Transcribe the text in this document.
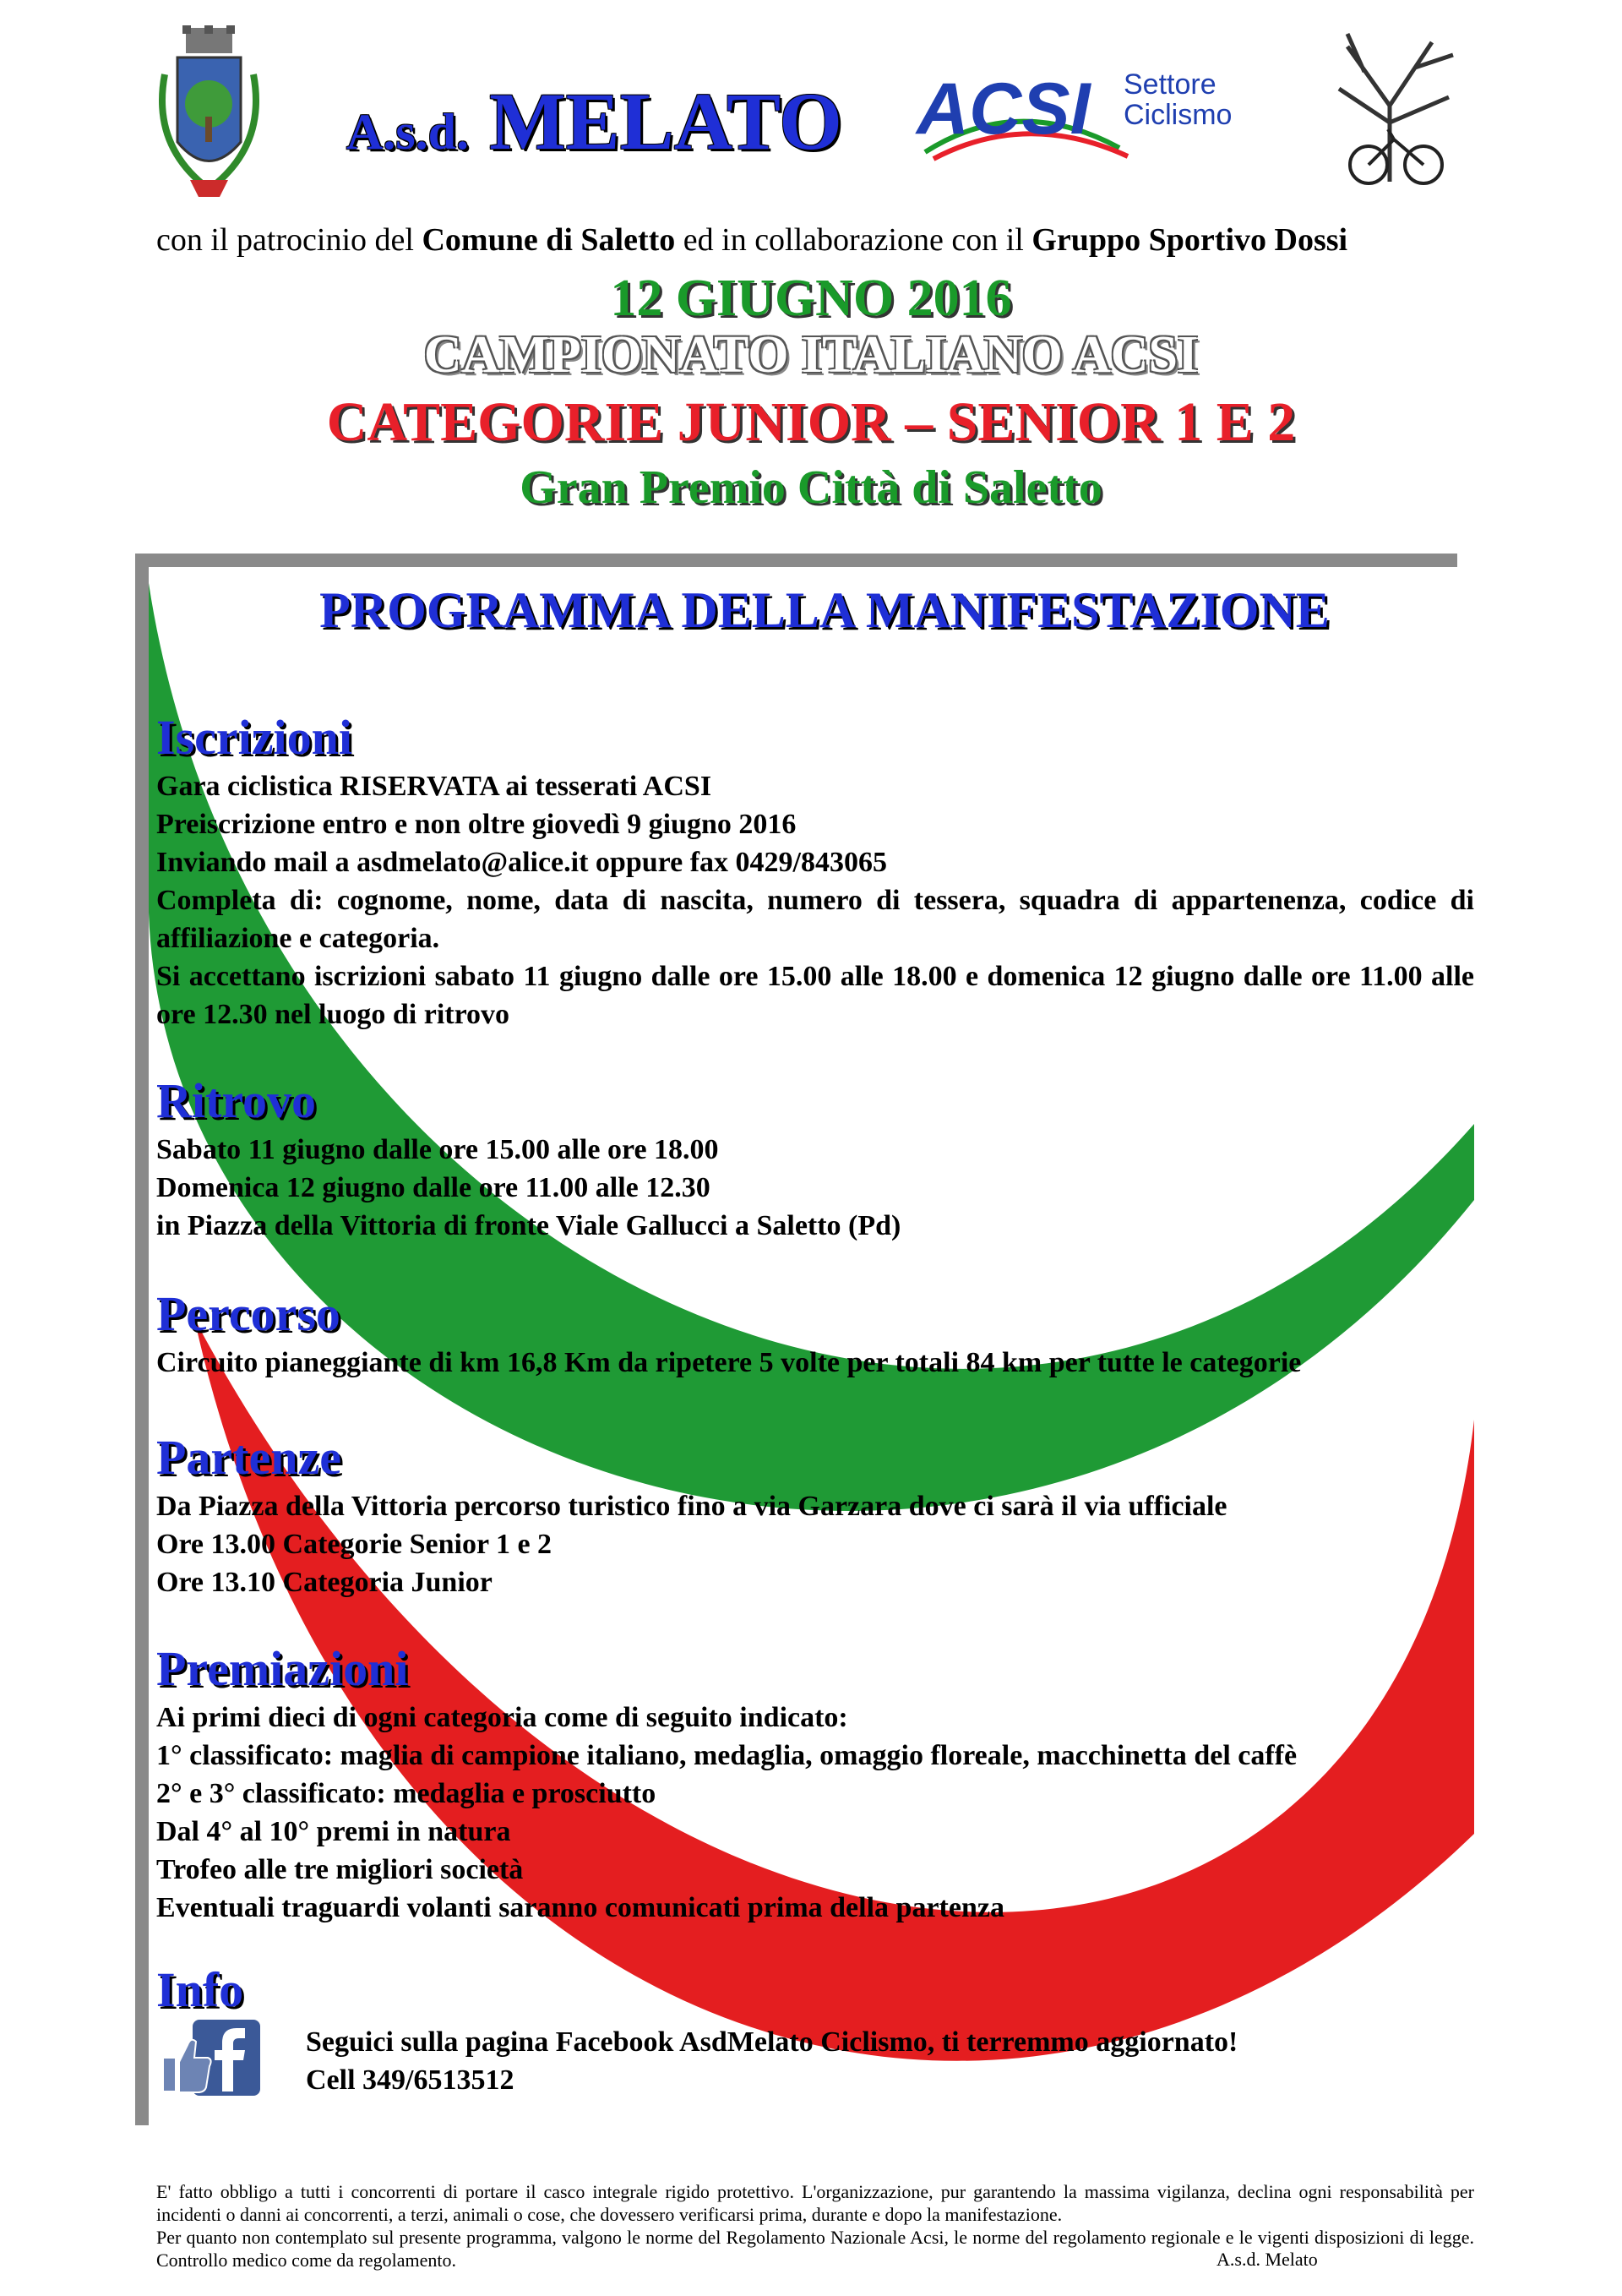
A.s.d. MELATO ACSI Settore
Ciclismo
con il patrocinio del Comune di Saletto ed in collaborazione con il Gruppo Sportivo Dossi
12 GIUGNO 2016
CAMPIONATO ITALIANO ACSI
CATEGORIE JUNIOR – SENIOR 1 E 2
Gran Premio Città di Saletto
PROGRAMMA DELLA MANIFESTAZIONE
Iscrizioni
Gara ciclistica RISERVATA ai tesserati ACSI
Preiscrizione entro e non oltre giovedì 9 giugno 2016
Inviando mail a asdmelato@alice.it oppure fax 0429/843065
Completa di: cognome, nome, data di nascita, numero di tessera, squadra di appartenenza, codice di affiliazione e categoria.
Si accettano iscrizioni sabato 11 giugno dalle ore 15.00 alle 18.00 e domenica 12 giugno dalle ore 11.00 alle ore 12.30 nel luogo di ritrovo
Ritrovo
Sabato 11 giugno dalle ore 15.00 alle ore 18.00
Domenica 12 giugno dalle ore 11.00 alle 12.30
in Piazza della Vittoria di fronte Viale Gallucci a Saletto (Pd)
Percorso
Circuito pianeggiante di km 16,8 Km da ripetere 5 volte per totali 84 km per tutte le categorie
Partenze
Da Piazza della Vittoria percorso turistico fino a via Garzara dove ci sarà il via ufficiale
Ore 13.00 Categorie Senior 1 e 2
Ore 13.10 Categoria Junior
Premiazioni
Ai primi dieci di ogni categoria come di seguito indicato:
1° classificato: maglia di campione italiano, medaglia, omaggio floreale, macchinetta del caffè
2° e 3° classificato: medaglia e prosciutto
Dal 4° al 10° premi in natura
Trofeo alle tre migliori società
Eventuali traguardi volanti saranno comunicati prima della partenza
Info
Seguici sulla pagina Facebook AsdMelato Ciclismo, ti terremmo aggiornato!
Cell 349/6513512
E' fatto obbligo a tutti i concorrenti di portare il casco integrale rigido protettivo. L'organizzazione, pur garantendo la massima vigilanza, declina ogni responsabilità per incidenti o danni ai concorrenti, a terzi, animali o cose, che dovessero verificarsi prima, durante e dopo la manifestazione.
Per quanto non contemplato sul presente programma, valgono le norme del Regolamento Nazionale Acsi, le norme del regolamento regionale e le vigenti disposizioni di legge. Controllo medico come da regolamento.	A.s.d. Melato
